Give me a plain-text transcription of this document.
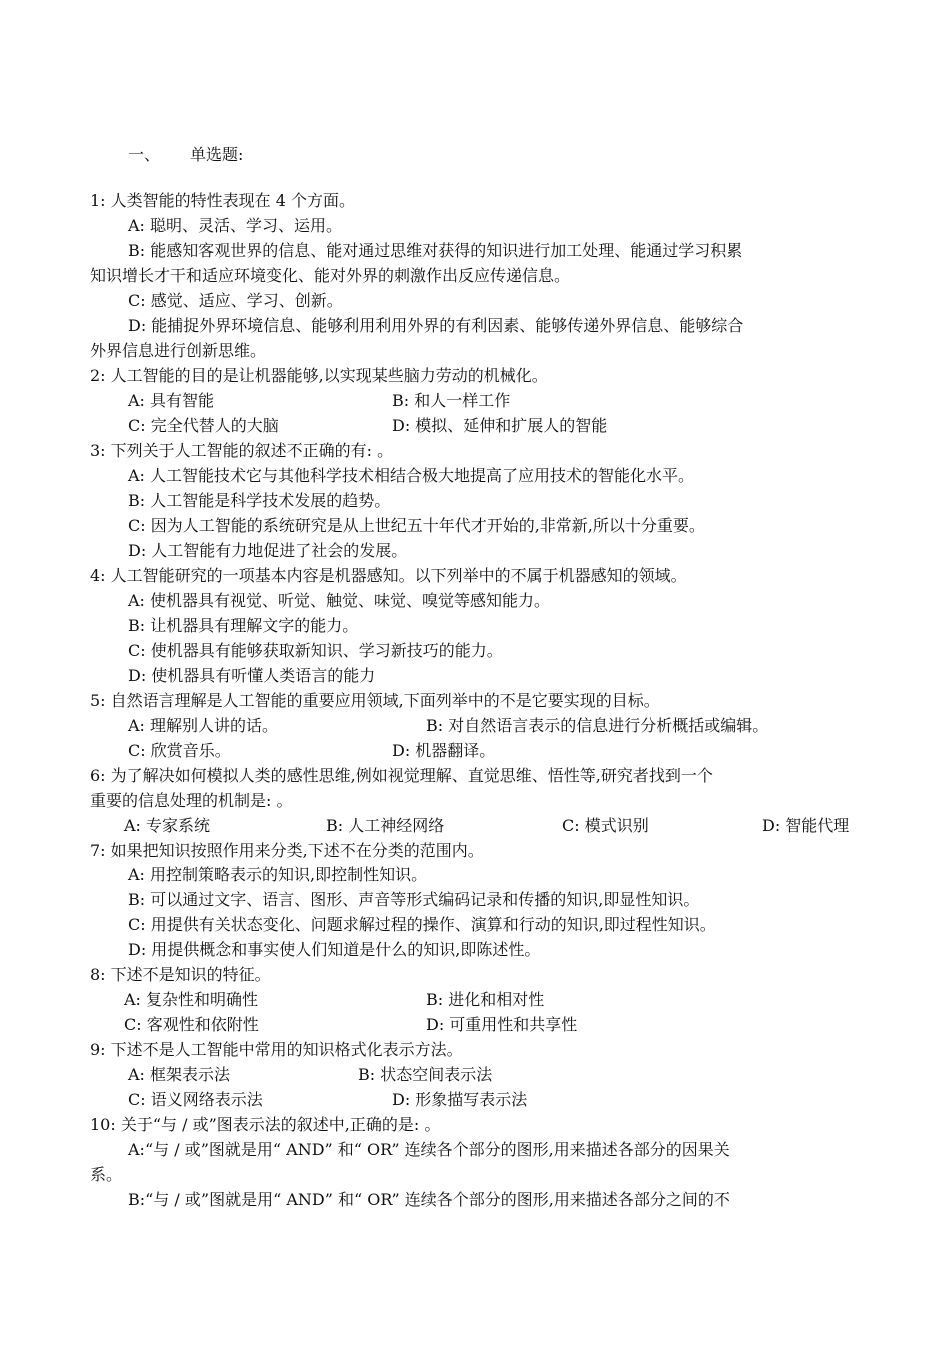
一、 单选题:
1: 人类智能的特性表现在 4 个方面。
A: 聪明、灵活、学习、运用。
B: 能感知客观世界的信息、能对通过思维对获得的知识进行加工处理、能通过学习积累
知识增长才干和适应环境变化、能对外界的刺激作出反应传递信息。
C: 感觉、适应、学习、创新。
D: 能捕捉外界环境信息、能够利用利用外界的有利因素、能够传递外界信息、能够综合
外界信息进行创新思维。
2: 人工智能的目的是让机器能够,以实现某些脑力劳动的机械化。
A: 具有智能	B: 和人一样工作
C: 完全代替人的大脑	D: 模拟、延伸和扩展人的智能
3: 下列关于人工智能的叙述不正确的有: 。
A: 人工智能技术它与其他科学技术相结合极大地提高了应用技术的智能化水平。
B: 人工智能是科学技术发展的趋势。
C: 因为人工智能的系统研究是从上世纪五十年代才开始的,非常新,所以十分重要。
D: 人工智能有力地促进了社会的发展。
4: 人工智能研究的一项基本内容是机器感知。以下列举中的不属于机器感知的领域。
A: 使机器具有视觉、听觉、触觉、味觉、嗅觉等感知能力。
B: 让机器具有理解文字的能力。
C: 使机器具有能够获取新知识、学习新技巧的能力。
D: 使机器具有听懂人类语言的能力
5: 自然语言理解是人工智能的重要应用领域,下面列举中的不是它要实现的目标。
A: 理解别人讲的话。	B: 对自然语言表示的信息进行分析概括或编辑。
C: 欣赏音乐。	D: 机器翻译。
6: 为了解决如何模拟人类的感性思维,例如视觉理解、直觉思维、悟性等,研究者找到一个
重要的信息处理的机制是: 。
A: 专家系统	B: 人工神经网络	C: 模式识别	D: 智能代理
7: 如果把知识按照作用来分类,下述不在分类的范围内。
A: 用控制策略表示的知识,即控制性知识。
B: 可以通过文字、语言、图形、声音等形式编码记录和传播的知识,即显性知识。
C: 用提供有关状态变化、问题求解过程的操作、演算和行动的知识,即过程性知识。
D: 用提供概念和事实使人们知道是什么的知识,即陈述性。
8: 下述不是知识的特征。
A: 复杂性和明确性	B: 进化和相对性
C: 客观性和依附性	D: 可重用性和共享性
9: 下述不是人工智能中常用的知识格式化表示方法。
A: 框架表示法	B: 状态空间表示法
C: 语义网络表示法	D: 形象描写表示法
10: 关于“与 / 或”图表示法的叙述中,正确的是: 。
A:“与 / 或”图就是用“ AND” 和“ OR” 连续各个部分的图形,用来描述各部分的因果关
系。
B:“与 / 或”图就是用“ AND” 和“ OR” 连续各个部分的图形,用来描述各部分之间的不
